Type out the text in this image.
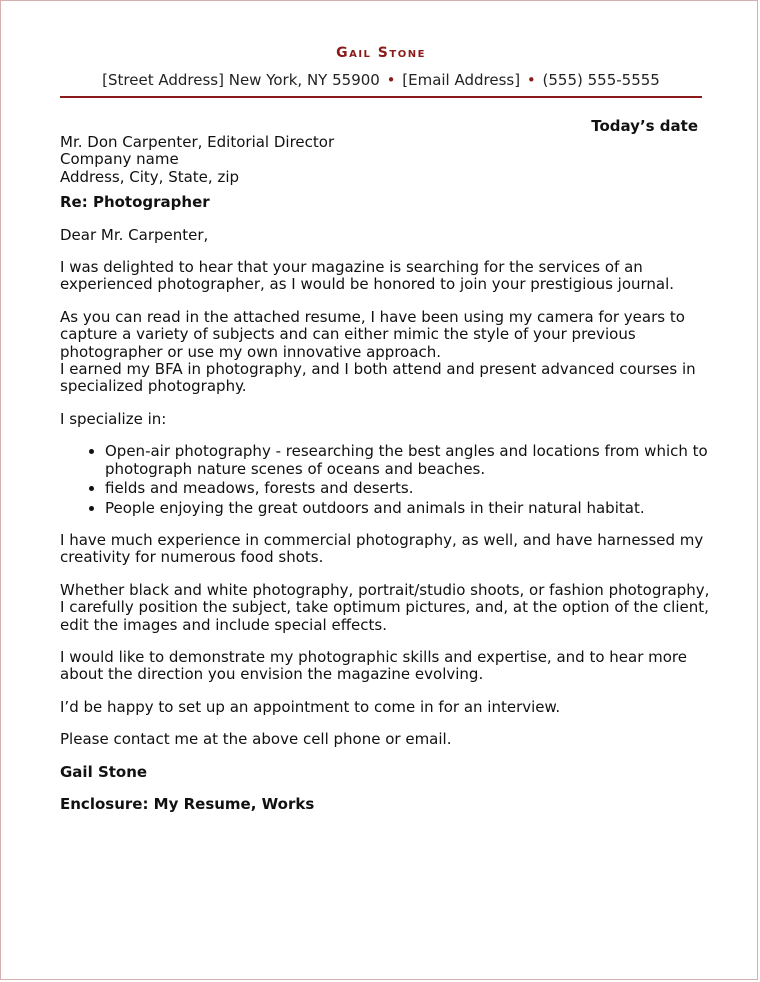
Gail Stone
[Street Address] New York, NY 55900 • [Email Address] • (555) 555-5555
Today’s date

Mr. Don Carpenter, Editorial Director

Company name

Address, City, State, zip

Re: Photographer

Dear Mr. Carpenter,

I was delighted to hear that your magazine is searching for the services of an experienced photographer, as I would be honored to join your prestigious journal.

As you can read in the attached resume, I have been using my camera for years to capture a variety of subjects and can either mimic the style of your previous photographer or use my own innovative approach.

I earned my BFA in photography, and I both attend and present advanced courses in specialized photography.

I specialize in:

• Open-air photography - researching the best angles and locations from which to photograph nature scenes of oceans and beaches.
• fields and meadows, forests and deserts.
• People enjoying the great outdoors and animals in their natural habitat.

I have much experience in commercial photography, as well, and have harnessed my creativity for numerous food shots.

Whether black and white photography, portrait/studio shoots, or fashion photography, I carefully position the subject, take optimum pictures, and, at the option of the client, edit the images and include special effects.

I would like to demonstrate my photographic skills and expertise, and to hear more about the direction you envision the magazine evolving.

I’d be happy to set up an appointment to come in for an interview.

Please contact me at the above cell phone or email.

Gail Stone

Enclosure: My Resume, Works
